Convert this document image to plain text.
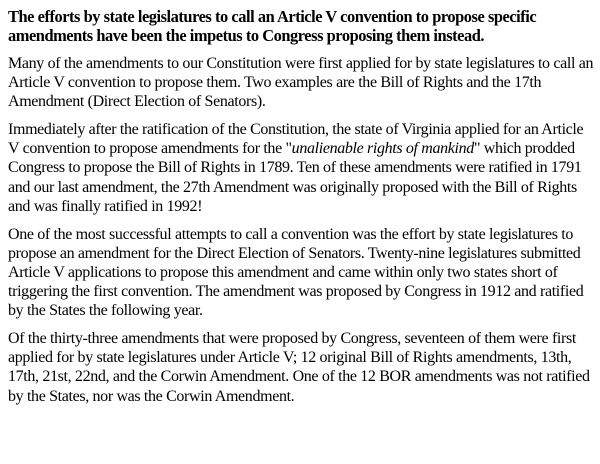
The efforts by state legislatures to call an Article V convention to propose specific amendments have been the impetus to Congress proposing them instead.

Many of the amendments to our Constitution were first applied for by state legislatures to call an Article V convention to propose them. Two examples are the Bill of Rights and the 17th Amendment (Direct Election of Senators).

Immediately after the ratification of the Constitution, the state of Virginia applied for an Article V convention to propose amendments for the "unalienable rights of mankind" which prodded Congress to propose the Bill of Rights in 1789. Ten of these amendments were ratified in 1791 and our last amendment, the 27th Amendment was originally proposed with the Bill of Rights and was finally ratified in 1992!

One of the most successful attempts to call a convention was the effort by state legislatures to propose an amendment for the Direct Election of Senators. Twenty-nine legislatures submitted Article V applications to propose this amendment and came within only two states short of triggering the first convention. The amendment was proposed by Congress in 1912 and ratified by the States the following year.

Of the thirty-three amendments that were proposed by Congress, seventeen of them were first applied for by state legislatures under Article V; 12 original Bill of Rights amendments, 13th, 17th, 21st, 22nd, and the Corwin Amendment. One of the 12 BOR amendments was not ratified by the States, nor was the Corwin Amendment.
